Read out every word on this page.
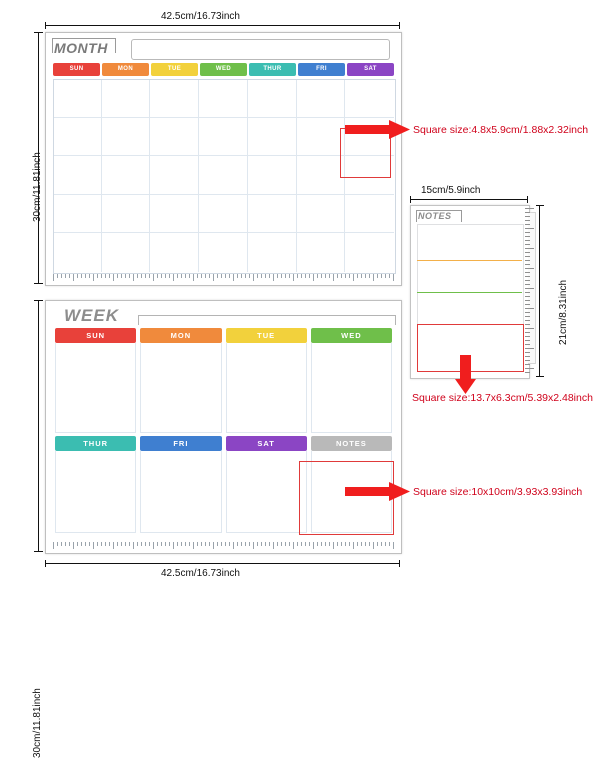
42.5cm/16.73inch
30cm/11.81inch
MONTH
SUN	MON	TUE	WED	THUR	FRI	SAT
Square size:4.8x5.9cm/1.88x2.32inch
15cm/5.9inch
NOTES
21cm/8.31inch
Square size:13.7x6.3cm/5.39x2.48inch
30cm/11.81inch
WEEK
SUN	MON	TUE	WED
THUR	FRI	SAT	NOTES
Square size:10x10cm/3.93x3.93inch
42.5cm/16.73inch
